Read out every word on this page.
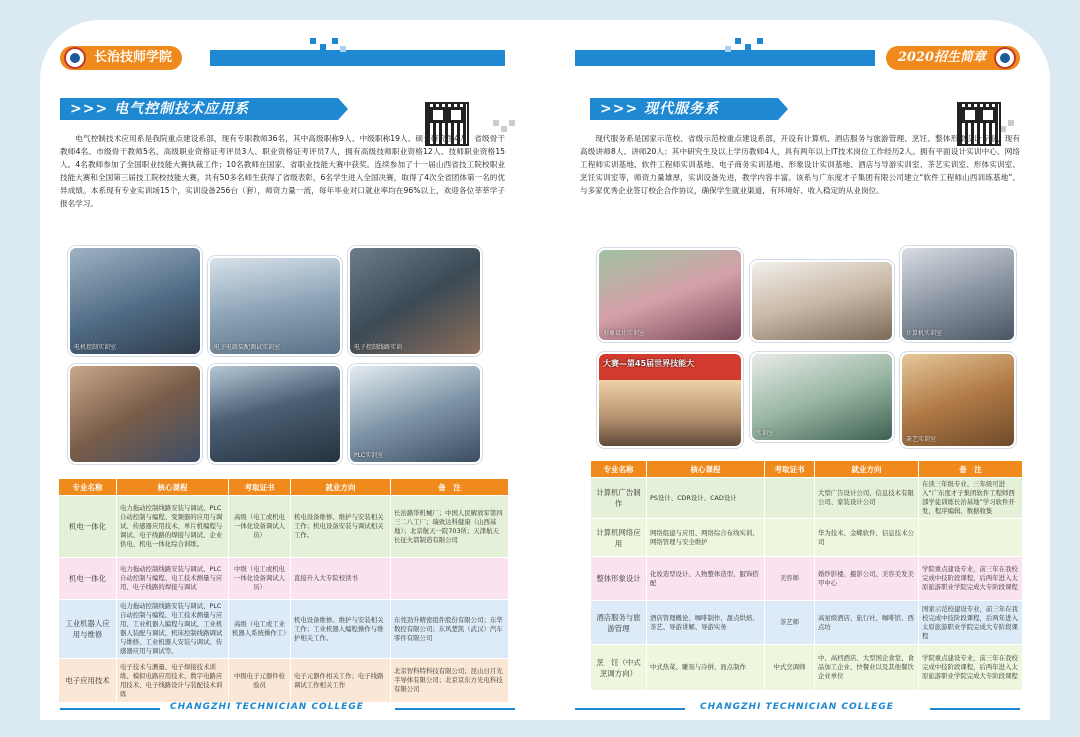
长治技师学院
>>> 电气控制技术应用系

电气控制技术应用系是我院重点建设系部，现有专职教师36名，其中高级职称9人、中级职称19人、硕士研究生4人、省级骨干教师4名、市级骨干教师5名、高级职业资格证考评员3人、职业资格证考评员7人，拥有高级技师职业资格12人、技师职业资格15人。4名教师参加了全国职业技能大赛执裁工作；10名教师在国家、省职业技能大赛中获奖。连续参加了十一届山西省技工院校职业技能大赛和全国第三届技工院校技能大赛，共有50多名师生获得了省级表彰，6名学生进入全国决赛，取得了4次全省团体第一名的优异成绩。本系现有专业实训场15个，实训设备256台（套），师资力量一流，每年毕业对口就业率均在96%以上，欢迎各位莘莘学子报名学习。

电机控制实训室	电子电路装配调试实训室	电子控制线路实训
PLC实训室
专业名称	核心课程	考取证书	就业方向	备　注
机电一体化	电力拖动控制线路安装与调试、PLC自动控制与编程、变频器的应用与调试、传感器应用技术、单片机编程与调试、电子线路的焊接与调试、企业供电、机电一体化综合训练。	高级（电工或机电一体化设备调试人员）	机电设备维修、维护与安装相关工作；机电设备安装与调试相关工作。	长治潞华机械厂；中国人民解放军第四三二八工厂；瑞致达科健康（山西基地）；北京航天一院703所；天津航天长征火箭制造有限公司
机电一体化	电力拖动控制线路安装与调试、PLC自动控制与编程、电工技术测量与应用、电子线路的焊接与调试	中级（电工或机电一体化设备调试人员）	直接升入大专院校读书	
工业机器人应用与维修	电力拖动控制线路安装与调试、PLC自动控制与编程、电工技术测量与应用、工业机器人编程与调试、工业机器人装配与调试、机床控制线路调试与维修、工业机器人安装与调试、传感器应用与调试等。	高级（电工或工业机器人系统操作工）	机电设备维修、维护与安装相关工作；工业机器人编程操作与维护相关工作。	东莞劲升精密组件股份有限公司；东华数控有限公司；东风楚凯（武汉）汽车零件有限公司
电子应用技术	电子技术与测量、电子焊接技术训练、模拟电路应用技术、数字电路应用技术、电子线路设计与装配技术训练	中级电子元器件检验员	电子元器件相关工作；电子线路调试工作相关工作	北京智科特科技有限公司；昆山日月光半导体有限公司；北京京东方光电科技有限公司
CHANGZHI TECHNICIAN COLLEGE
2020招生简章
>>> 现代服务系

现代服务系是国家示范校、省级示范校重点建设系部，开设有计算机、酒店服务与旅游管理、烹饪、整体形象设计专业，现有高级讲师8人、讲师20人；其中研究生及以上学历教师4人，具有两年以上IT技术岗位工作经历2人。拥有平面设计实训中心、网络工程师实训基地、软件工程师实训基地、电子商务实训基地、形象设计实训基地、酒店与导游实训室、茶艺实训室、形体实训室、烹饪实训室等，师资力量雄厚，实训设备先进，教学内容丰富。该系与广东度才子集团有限公司建立“软件工程师山西训练基地”、与多家优秀企业签订校企合作协议，确保学生就业渠道，有环境好、收入稳定的从业岗位。

形象设计实训室	计算机实训室
大赛—第45届世界技能大
实训室
茶艺实训室
专业名称	核心课程	考取证书	就业方向	备　注
计算机广告制作	PS设计、CDR设计、CAD设计		大型广告设计公司、信息技术有限公司、家装设计公司	在读三年级专业、三年级可进入“广东度才子集团软件工程师西部学徒训练长治基地”学习软件开发，程序编辑、数据收集
计算机网络应用	网络组建与应用、网络综合布线实训、网络管理与安全维护		华为技术、金蝶软件、信息技术公司	
整体形象设计	化妆造型设计、人物整体造型、服饰搭配	美容师	婚纱影楼、摄影公司、美容美发美甲中心	学院重点建设专业，前三年在我校完成中技阶段课程，后两年进入太原旅游职业学院完成大专阶段课程
酒店服务与旅游管理	酒店管理概论、咖啡制作、甜点烘焙、茶艺、导游讲解、导游实务	茶艺师	高星级酒店、旅行社、咖啡馆、西点坊	国家示范校建设专业，前三年在我校完成中技阶段课程，后两年进入太原旅游职业学院完成大专阶段课程
烹　饪（中式烹调方向）	中式热菜、雕刻与冷拼、面点制作	中式烹调师	中、高档酒店、大型国企食堂、食品加工企业、快餐业以及其他餐饮企业单位	学院重点建设专业，前三年在我校完成中技阶段课程，后两年进入太原旅游职业学院完成大专阶段课程
CHANGZHI TECHNICIAN COLLEGE
